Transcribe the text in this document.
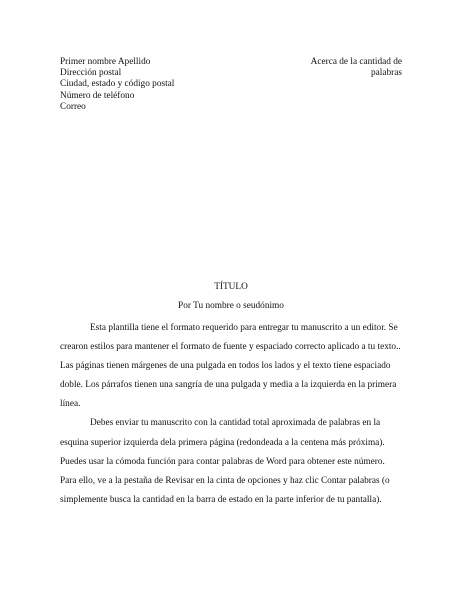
Primer nombre Apellido
Dirección postal
Ciudad, estado y código postal
Número de teléfono
Correo
Acerca de la cantidad de palabras
TÍTULO
Por Tu nombre o seudónimo

Esta plantilla tiene el formato requerido para entregar tu manuscrito a un editor. Se crearon estilos para mantener el formato de fuente y espaciado correcto aplicado a tu texto.. Las páginas tienen márgenes de una pulgada en todos los lados y el texto tiene espaciado doble. Los párrafos tienen una sangría de una pulgada y media a la izquierda en la primera línea.

Debes enviar tu manuscrito con la cantidad total aproximada de palabras en la esquina superior izquierda dela primera página (redondeada a la centena más próxima). Puedes usar la cómoda función para contar palabras de Word para obtener este número. Para ello, ve a la pestaña de Revisar en la cinta de opciones y haz clic Contar palabras (o simplemente busca la cantidad en la barra de estado en la parte inferior de tu pantalla).
